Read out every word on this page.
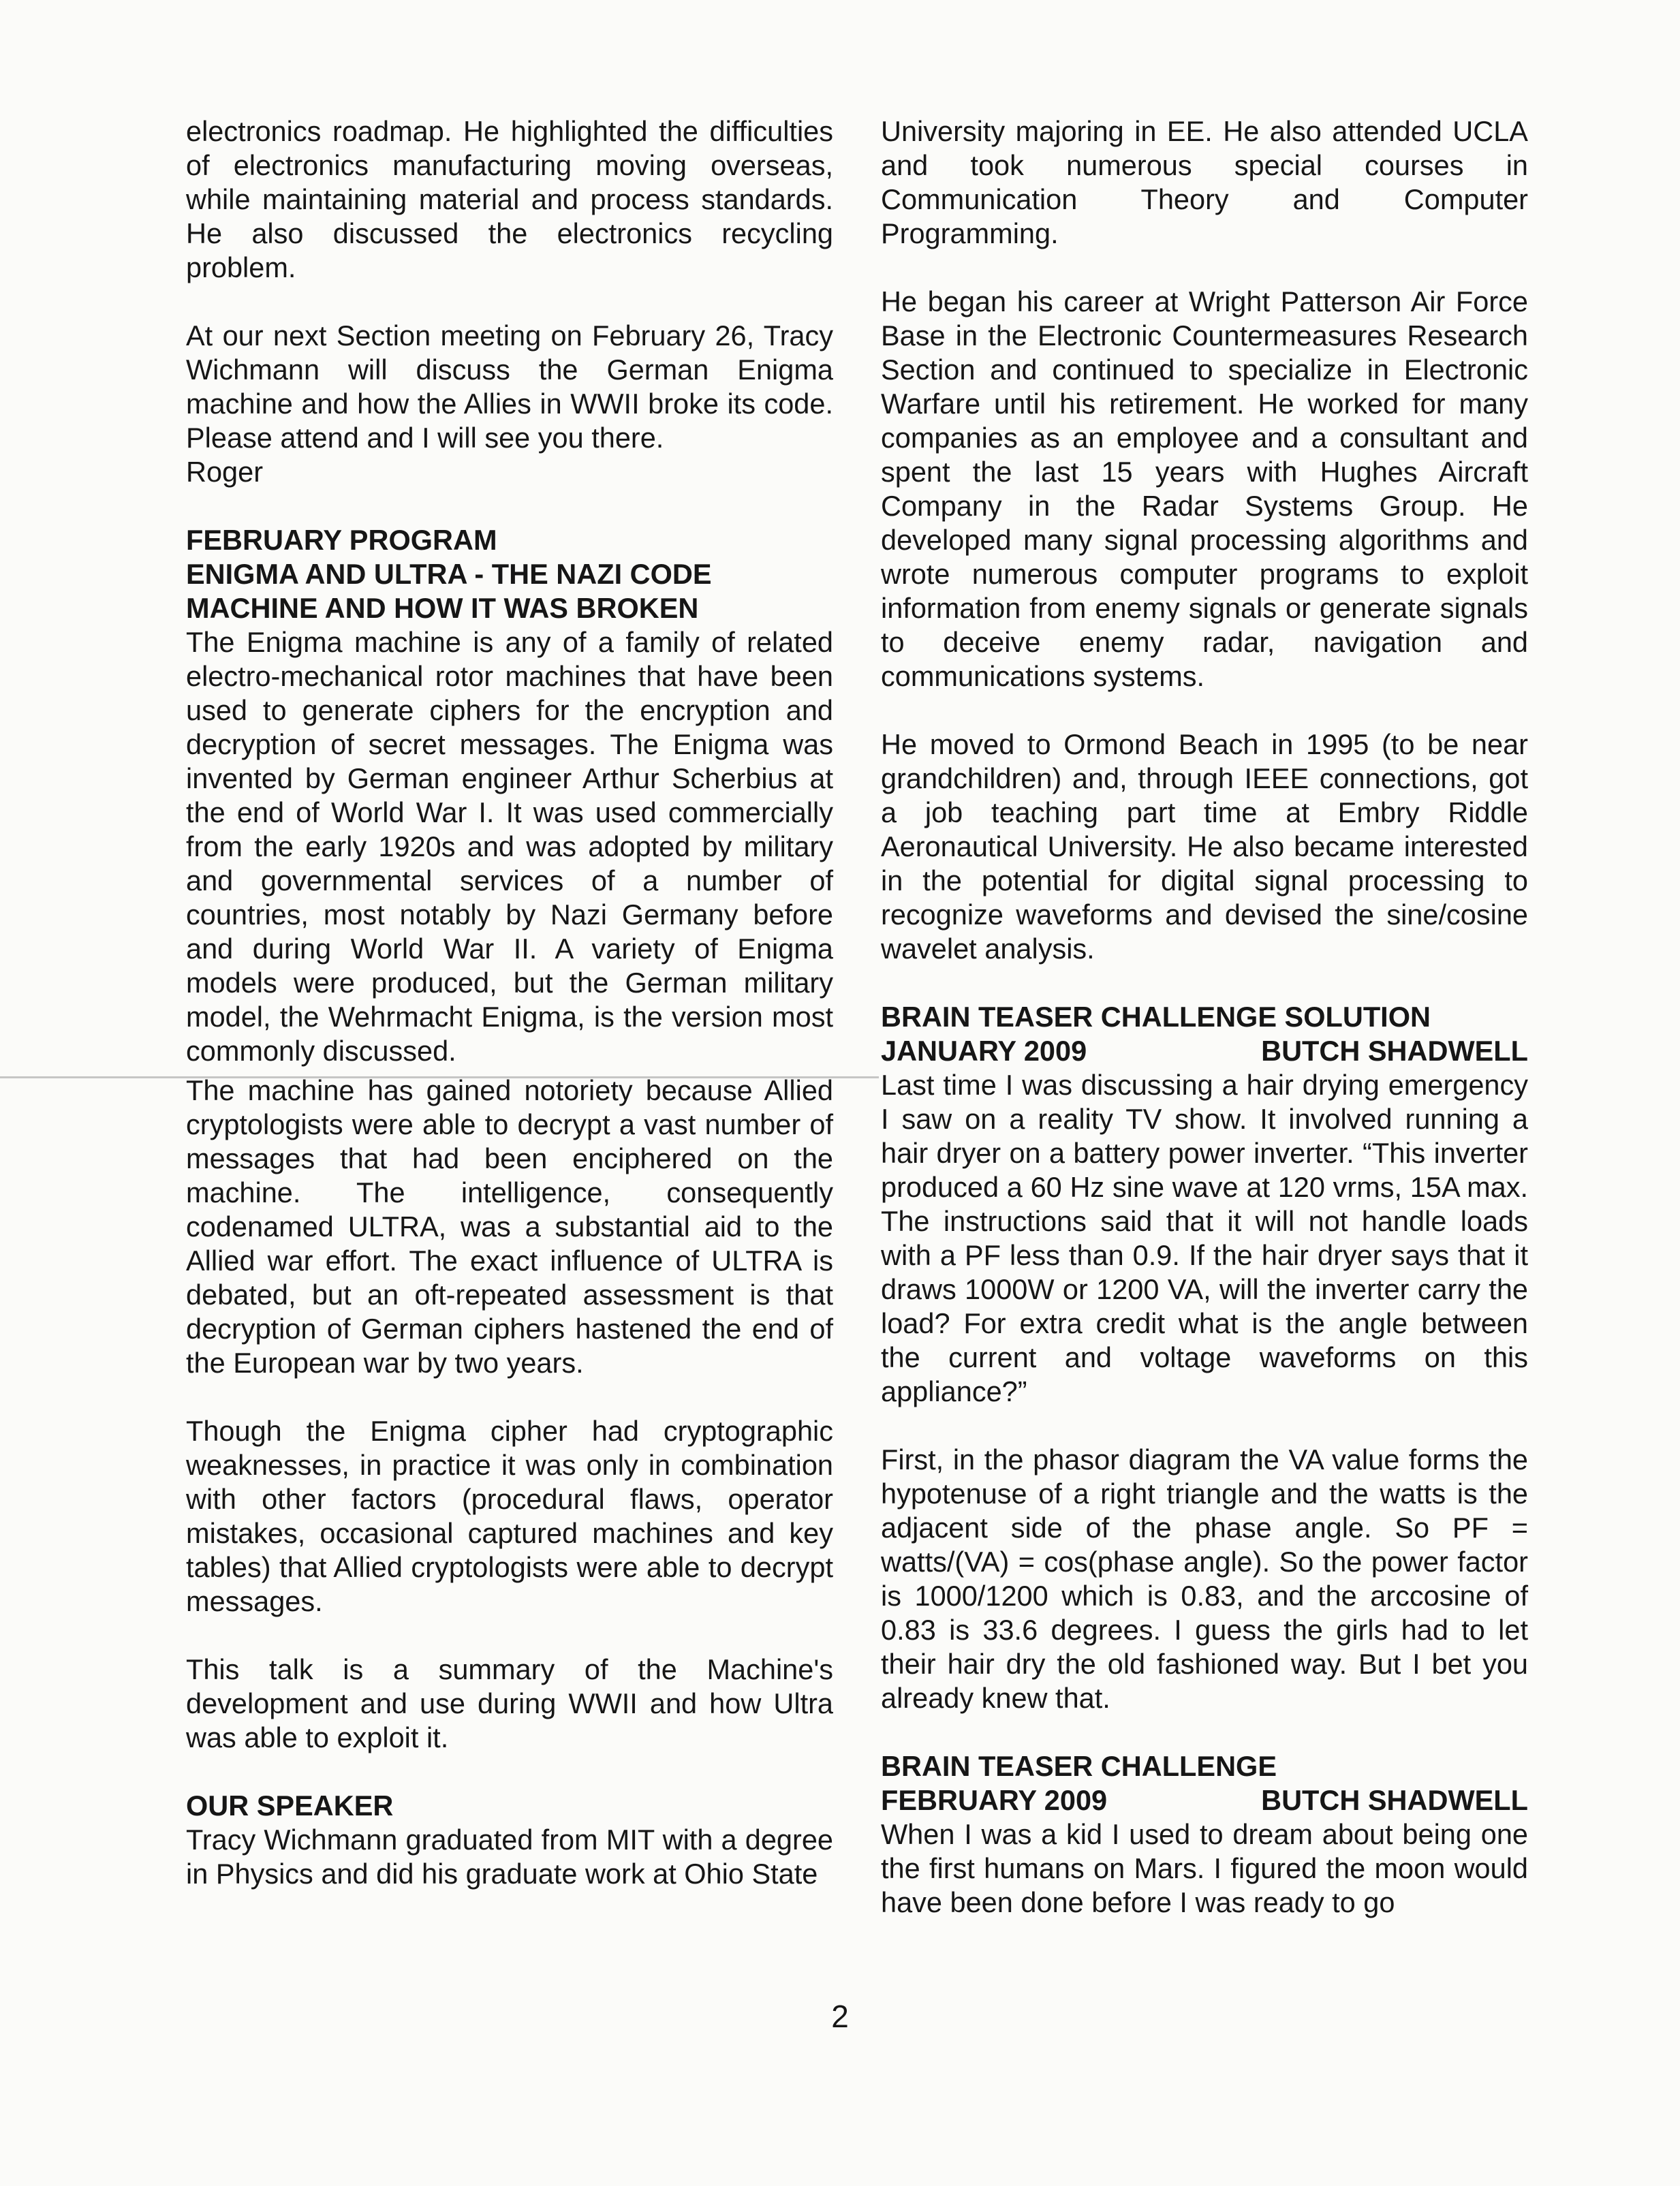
electronics roadmap. He highlighted the difficulties of electronics manufacturing moving overseas, while maintaining material and process standards. He also discussed the electronics recycling problem.

At our next Section meeting on February 26, Tracy Wichmann will discuss the German Enigma machine and how the Allies in WWII broke its code. Please attend and I will see you there.

Roger

FEBRUARY PROGRAM
ENIGMA AND ULTRA - THE NAZI CODE MACHINE AND HOW IT WAS BROKEN

The Enigma machine is any of a family of related electro-mechanical rotor machines that have been used to generate ciphers for the encryption and decryption of secret messages. The Enigma was invented by German engineer Arthur Scherbius at the end of World War I. It was used commercially from the early 1920s and was adopted by military and governmental services of a number of countries, most notably by Nazi Germany before and during World War II. A variety of Enigma models were produced, but the German military model, the Wehrmacht Enigma, is the version most commonly discussed.

The machine has gained notoriety because Allied cryptologists were able to decrypt a vast number of messages that had been enciphered on the machine. The intelligence, consequently codenamed ULTRA, was a substantial aid to the Allied war effort. The exact influence of ULTRA is debated, but an oft-repeated assessment is that decryption of German ciphers hastened the end of the European war by two years.

Though the Enigma cipher had cryptographic weaknesses, in practice it was only in combination with other factors (procedural flaws, operator mistakes, occasional captured machines and key tables) that Allied cryptologists were able to decrypt messages.

This talk is a summary of the Machine's development and use during WWII and how Ultra was able to exploit it.

OUR SPEAKER

Tracy Wichmann graduated from MIT with a degree in Physics and did his graduate work at Ohio State

University majoring in EE. He also attended UCLA and took numerous special courses in Communication Theory and Computer Programming.

He began his career at Wright Patterson Air Force Base in the Electronic Countermeasures Research Section and continued to specialize in Electronic Warfare until his retirement. He worked for many companies as an employee and a consultant and spent the last 15 years with Hughes Aircraft Company in the Radar Systems Group. He developed many signal processing algorithms and wrote numerous computer programs to exploit information from enemy signals or generate signals to deceive enemy radar, navigation and communications systems.

He moved to Ormond Beach in 1995 (to be near grandchildren) and, through IEEE connections, got a job teaching part time at Embry Riddle Aeronautical University. He also became interested in the potential for digital signal processing to recognize waveforms and devised the sine/cosine wavelet analysis.

BRAIN TEASER CHALLENGE SOLUTION
JANUARY 2009	BUTCH SHADWELL

Last time I was discussing a hair drying emergency I saw on a reality TV show. It involved running a hair dryer on a battery power inverter. “This inverter produced a 60 Hz sine wave at 120 vrms, 15A max. The instructions said that it will not handle loads with a PF less than 0.9. If the hair dryer says that it draws 1000W or 1200 VA, will the inverter carry the load? For extra credit what is the angle between the current and voltage waveforms on this appliance?”

First, in the phasor diagram the VA value forms the hypotenuse of a right triangle and the watts is the adjacent side of the phase angle. So PF = watts/(VA) = cos(phase angle). So the power factor is 1000/1200 which is 0.83, and the arccosine of 0.83 is 33.6 degrees. I guess the girls had to let their hair dry the old fashioned way. But I bet you already knew that.

BRAIN TEASER CHALLENGE
FEBRUARY 2009	BUTCH SHADWELL

When I was a kid I used to dream about being one the first humans on Mars. I figured the moon would have been done before I was ready to go

2
